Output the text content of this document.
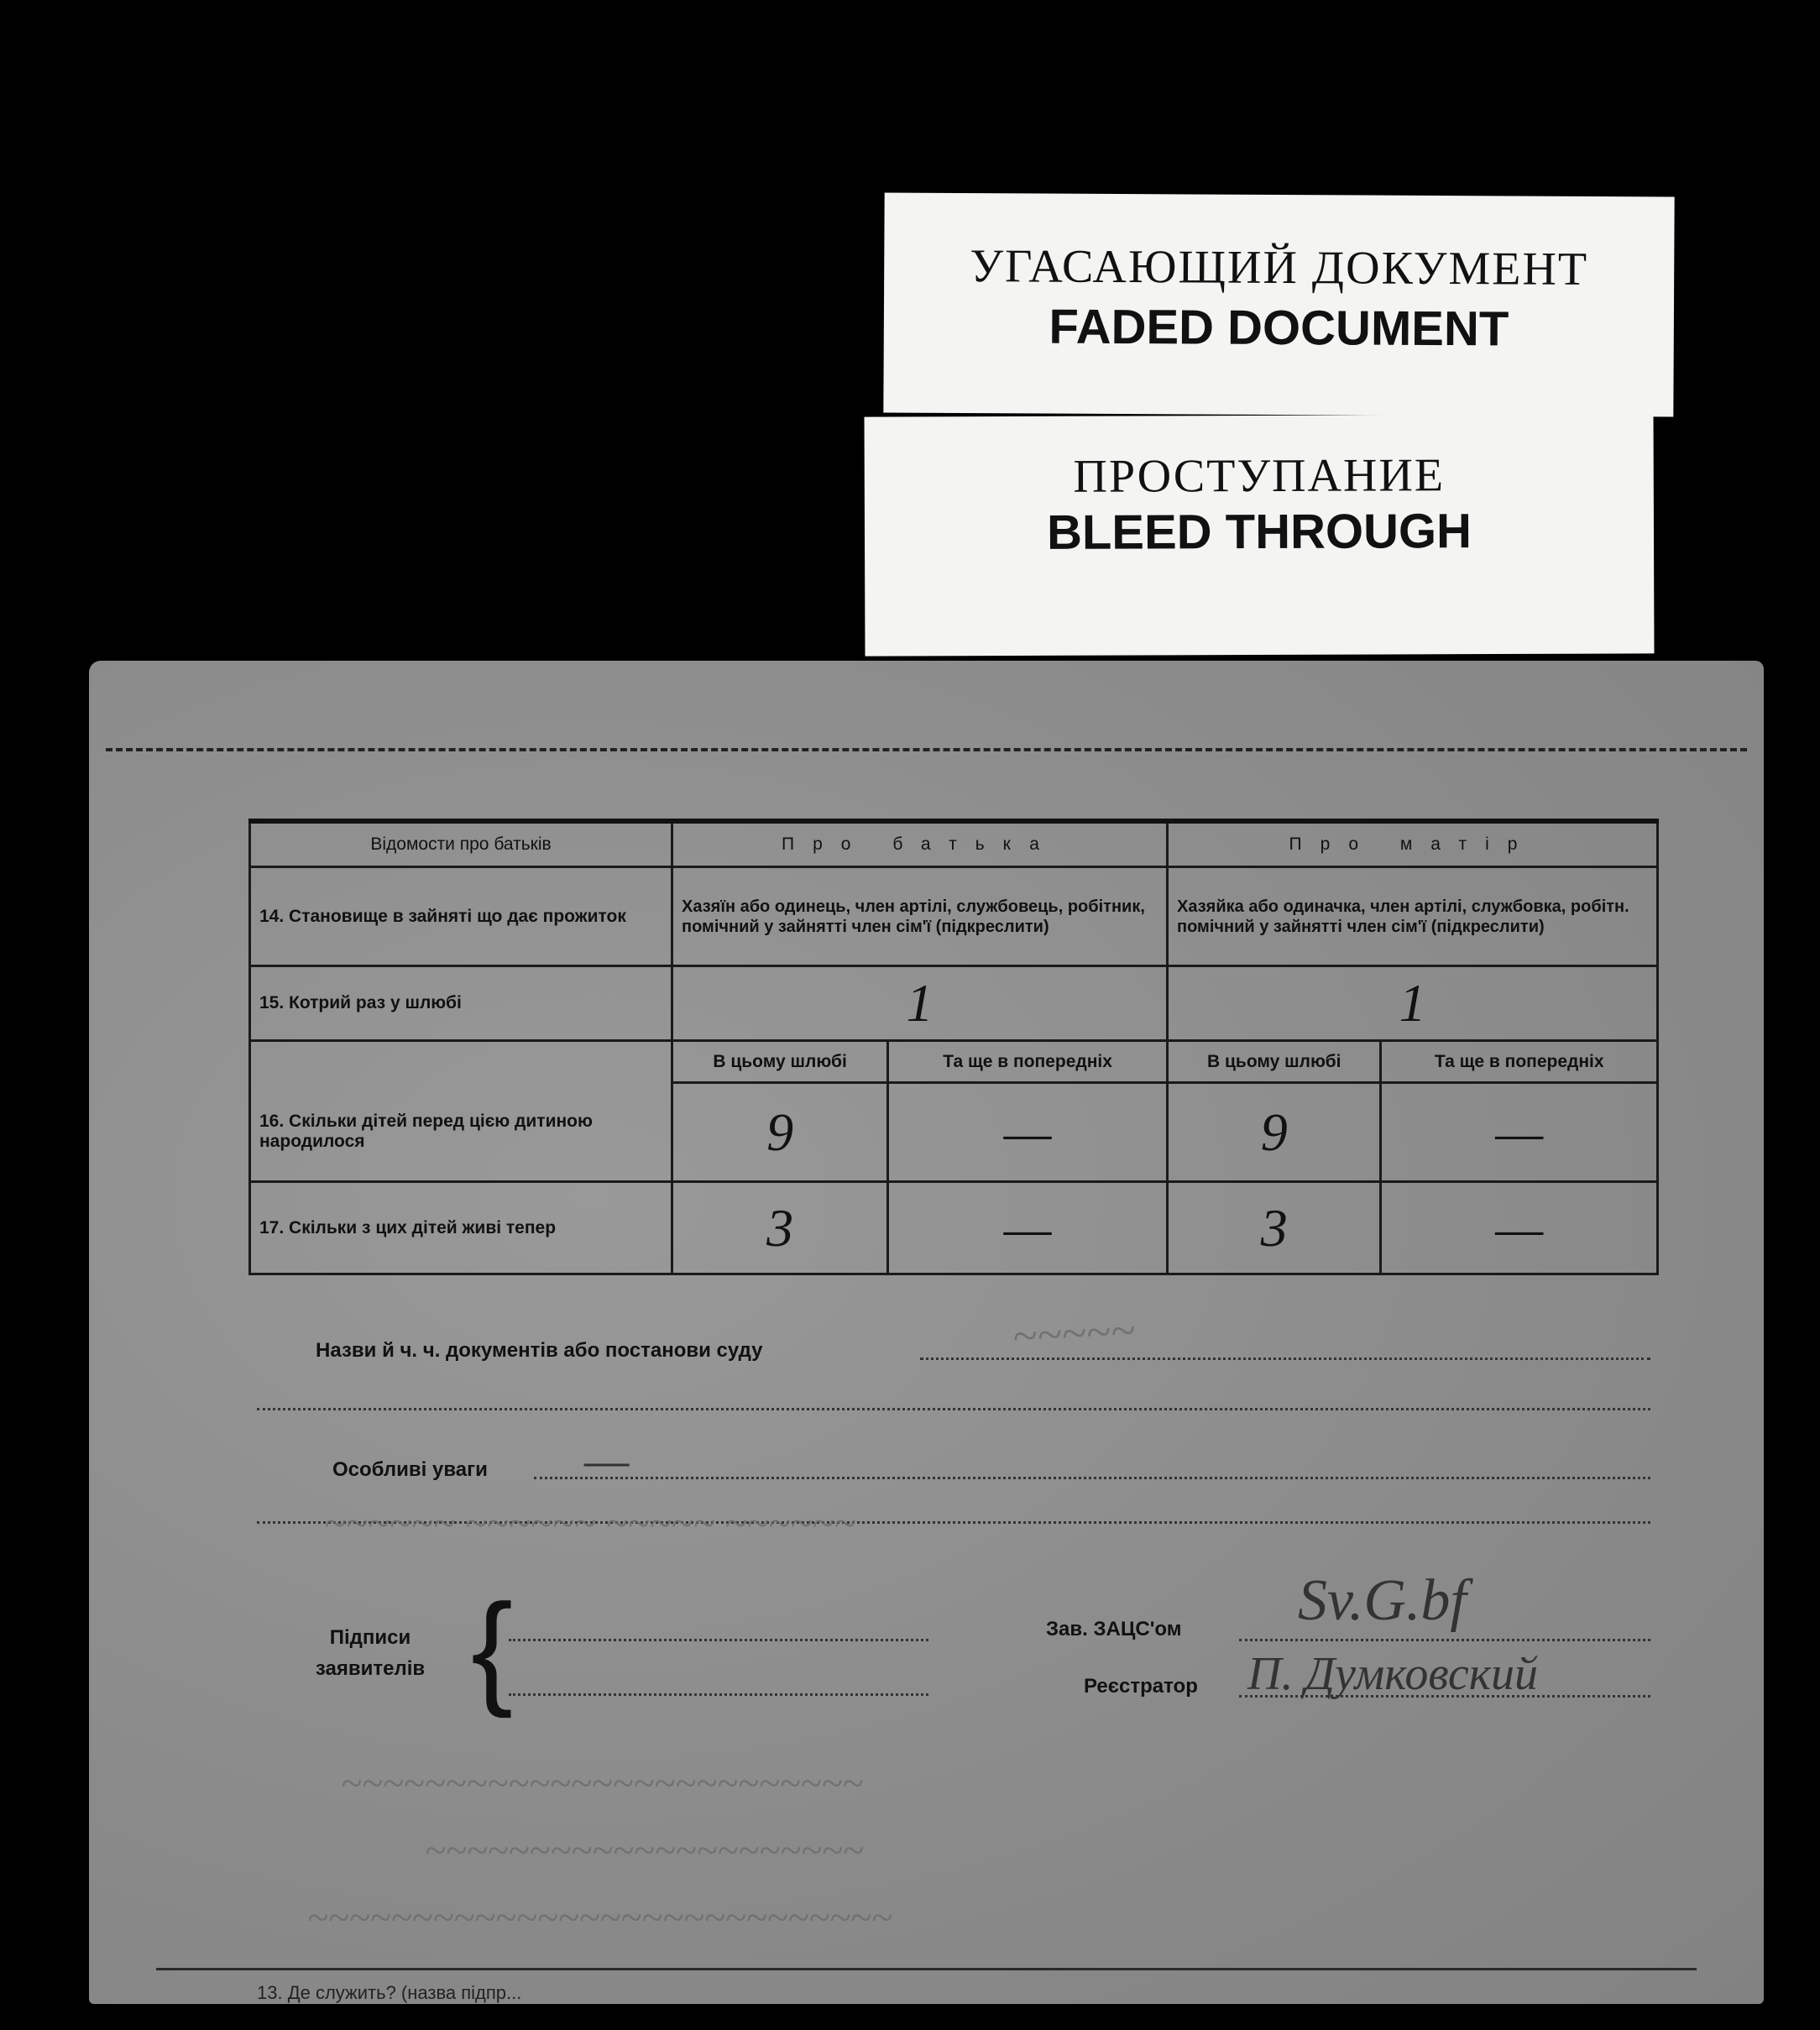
УГАСАЮЩИЙ ДОКУМЕНТ
FADED DOCUMENT
ПРОСТУПАНИЕ
BLEED THROUGH
Відомости про батьків	Про батька		Про матір	
14. Становище в зайняті що дає прожиток	Хазяїн або одинець, член артілі, службовець, робітник, помічний у зайнятті член сім'ї (підкреслити)		Хазяйка або одиначка, член артілі, службовка, робітн. помічний у зайнятті член сім'ї (підкреслити)	
15. Котрий раз у шлюбі	1		1	
	В цьому шлюбі	Та ще в попередніх	В цьому шлюбі	Та ще в попередніх
16. Скільки дітей перед цією дитиною народилося	9	—	9	—
17. Скільки з цих дітей живі тепер	3	—	3	—
Назви й ч. ч. документів або постанови суду
Особливі уваги —
Підписи заявителів {	Зав. ЗАЦС'ом Sv.G.bf
Реєстратор П. Думковский
~~~~~
~~~~~~ ~~~~~~ ~~~~~ ~~~~~~
~~~~~~~~~~~~~~~~~~~~~~~~~
~~~~~~~~~~~~~~~~~~~~~
~~~~~~~~~~~~~~~~~~~~~~~~~~~~
13. Де служить? (назва підпр...
